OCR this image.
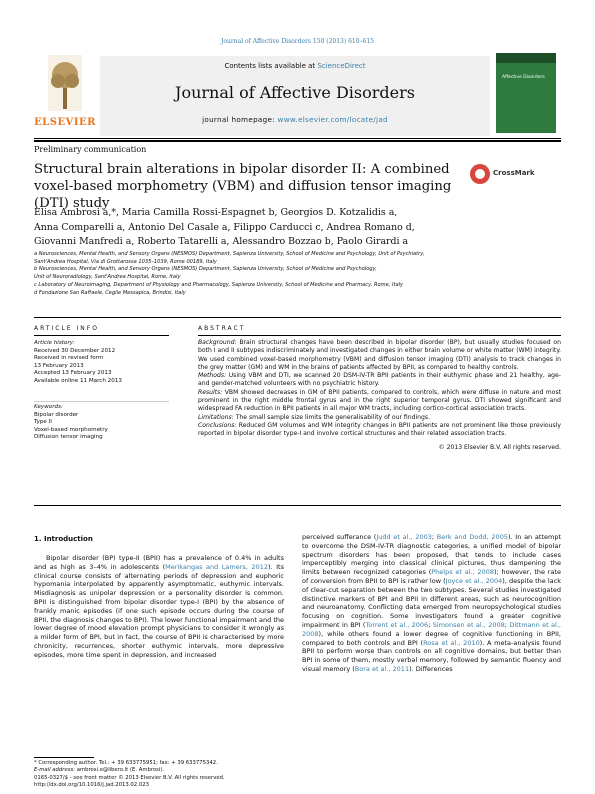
Journal of Affective Disorders 150 (2013) 610–615
ELSEVIER
Contents lists available at ScienceDirect
Journal of Affective Disorders
journal homepage: www.elsevier.com/locate/jad
Affective Disorders
Preliminary communication
Structural brain alterations in bipolar disorder II: A combined voxel-based morphometry (VBM) and diffusion tensor imaging (DTI) study
CrossMark
Elisa Ambrosi a,*, Maria Camilla Rossi-Espagnet b, Georgios D. Kotzalidis a,
Anna Comparelli a, Antonio Del Casale a, Filippo Carducci c, Andrea Romano d,
Giovanni Manfredi a, Roberto Tatarelli a, Alessandro Bozzao b, Paolo Girardi a
a Neurosciences, Mental Health, and Sensory Organs (NESMOS) Department, Sapienza University, School of Medicine and Psychology, Unit of Psychiatry,
Sant'Andrea Hospital, Via di Grottarossa 1035–1039, Rome 00189, Italy
b Neurosciences, Mental Health, and Sensory Organs (NESMOS) Department, Sapienza University, School of Medicine and Psychology,
Unit of Neuroradiology, Sant'Andrea Hospital, Rome, Italy
c Laboratory of Neuroimaging, Department of Physiology and Pharmacology, Sapienza University, School of Medicine and Pharmacy, Rome, Italy
d Fondazione San Raffaele, Ceglie Messapica, Brindisi, Italy
ARTICLE INFO
Article history:
Received 30 December 2012
Received in revised form
13 February 2013
Accepted 13 February 2013
Available online 11 March 2013
Keywords:
Bipolar disorder
Type II
Voxel-based morphometry
Diffusion tensor imaging
ABSTRACT
Background: Brain structural changes have been described in bipolar disorder (BP), but usually studies focused on both I and II subtypes indiscriminately and investigated changes in either brain volume or white matter (WM) integrity. We used combined voxel-based morphometry (VBM) and diffusion tensor imaging (DTI) analysis to track changes in the grey matter (GM) and WM in the brains of patients affected by BPII, as compared to healthy controls.
Methods: Using VBM and DTI, we scanned 20 DSM-IV-TR BPII patients in their euthymic phase and 21 healthy, age- and gender-matched volunteers with no psychiatric history.
Results: VBM showed decreases in GM of BPII patients, compared to controls, which were diffuse in nature and most prominent in the right middle frontal gyrus and in the right superior temporal gyrus. DTI showed significant and widespread FA reduction in BPII patients in all major WM tracts, including cortico-cortical association tracts.
Limitations: The small sample size limits the generalisability of our findings.
Conclusions: Reduced GM volumes and WM integrity changes in BPII patients are not prominent like those previously reported in bipolar disorder type-I and involve cortical structures and their related association tracts.
© 2013 Elsevier B.V. All rights reserved.
1. Introduction
Bipolar disorder (BP) type-II (BPII) has a prevalence of 0.4% in adults and as high as 3–4% in adolescents (Merikangas and Lamers, 2012). Its clinical course consists of alternating periods of depression and euphoric hypomania interpolated by apparently asymptomatic, euthymic intervals. Misdiagnosis as unipolar depression or a personality disorder is common. BPII is distinguished from bipolar disorder type-I (BPI) by the absence of frankly manic episodes (if one such episode occurs during the course of BPII, the diagnosis changes to BPI). The lower functional impairment and the lower degree of mood elevation prompt physicians to consider it wrongly as a milder form of BPI, but in fact, the course of BPII is characterised by more chronicity, recurrences, shorter euthymic intervals, more depressive episodes, more time spent in depression, and increased
perceived sufferance (Judd et al., 2003; Berk and Dodd, 2005). In an attempt to overcome the DSM-IV-TR diagnostic categories, a unified model of bipolar spectrum disorders has been proposed, that tends to include cases imperceptibly merging into classical clinical pictures, thus dampening the limits between recognized categories (Phelps et al., 2008); however, the rate of conversion from BPII to BPI is rather low (Joyce et al., 2004), despite the lack of clear-cut separation between the two subtypes. Several studies investigated distinctive markers of BPI and BPII in different areas, such as neurocognition and neuroanatomy. Conflicting data emerged from neuropsychological studies focusing on cognition. Some investigators found a greater cognitive impairment in BPI (Torrent et al., 2006; Simonsen et al., 2008; Dittmann et al., 2008), while others found a lower degree of cognitive functioning in BPII, compared to both controls and BPI (Rosa et al., 2010). A meta-analysis found BPII to perform worse than controls on all cognitive domains, but better than BPI in some of them, mostly verbal memory, followed by semantic fluency and visual memory (Bora et al., 2011). Differences
* Corresponding author. Tel.: + 39 633775951; fax: + 39 633775342.
E-mail address: ambrosi.e@libero.it (E. Ambrosi).
0165-0327/$ - see front matter © 2013 Elsevier B.V. All rights reserved.
http://dx.doi.org/10.1016/j.jad.2013.02.023
